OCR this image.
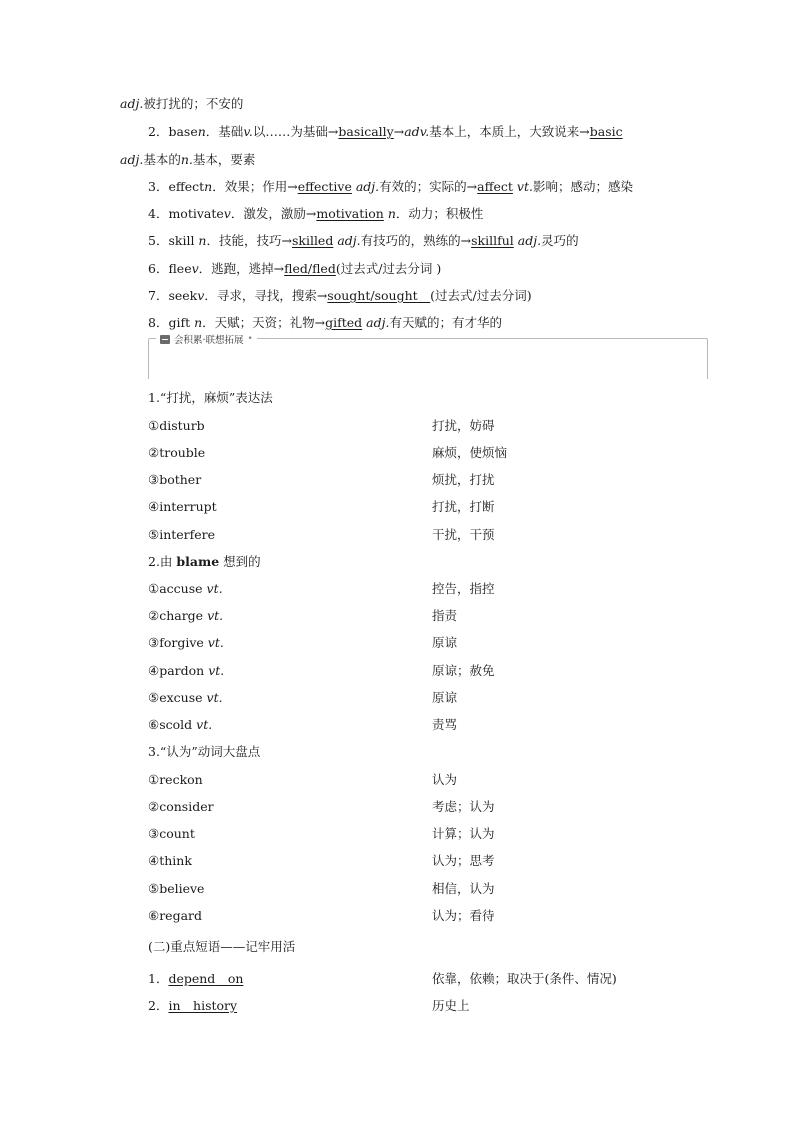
adj.被打扰的；不安的
2．basen．基础v.以……为基础→basically→adv.基本上，本质上，大致说来→basic
adj.基本的n.基本，要素
3．effectn．效果；作用→effective adj.有效的；实际的→affect vt.影响；感动；感染
4．motivatev．激发，激励→motivation n．动力；积极性
5．skill n．技能，技巧→skilled adj.有技巧的，熟练的→skillful adj.灵巧的
6．fleev．逃跑，逃掉→fled/fled(过去式/过去分词 )
7．seekv．寻求，寻找，搜索→sought/sought__(过去式/过去分词)
8．gift n．天赋；天资；礼物→gifted adj.有天赋的；有才华的
会积累·联想拓展 •
1.“打扰，麻烦”表达法
①disturb	打扰，妨碍
②trouble	麻烦，使烦恼
③bother	烦扰，打扰
④interrupt	打扰，打断
⑤interfere	干扰，干预
2.由 blame 想到的
①accuse vt.	控告，指控
②charge vt.	指责
③forgive vt.	原谅
④pardon vt.	原谅；赦免
⑤excuse vt.	原谅
⑥scold vt.	责骂
3.“认为”动词大盘点
①reckon	认为
②consider	考虑；认为
③count	计算；认为
④think	认为；思考
⑤believe	相信，认为
⑥regard	认为；看待
(二)重点短语——记牢用活
1．depend__on	依靠，依赖；取决于(条件、情况)
2．in__history	历史上
